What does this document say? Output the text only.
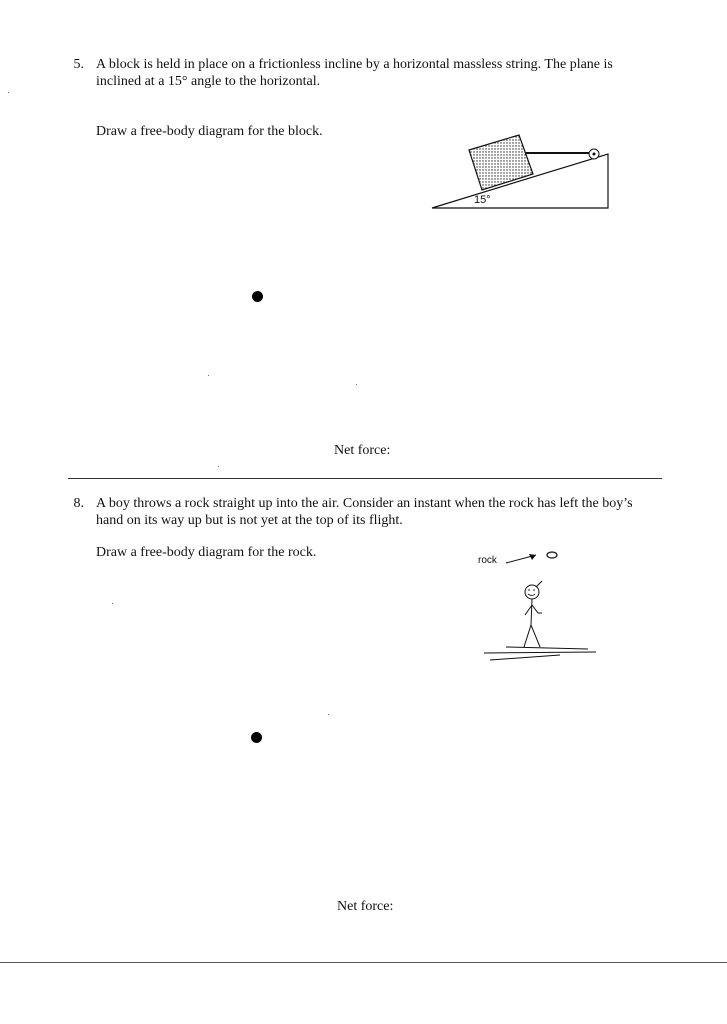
5. A block is held in place on a frictionless incline by a horizontal massless string. The plane is
inclined at a 15° angle to the horizontal.
Draw a free-body diagram for the block.
15°
Net force:
8. A boy throws a rock straight up into the air. Consider an instant when the rock has left the boy’s
hand on its way up but is not yet at the top of its flight.
Draw a free-body diagram for the rock.
rock
Net force:
